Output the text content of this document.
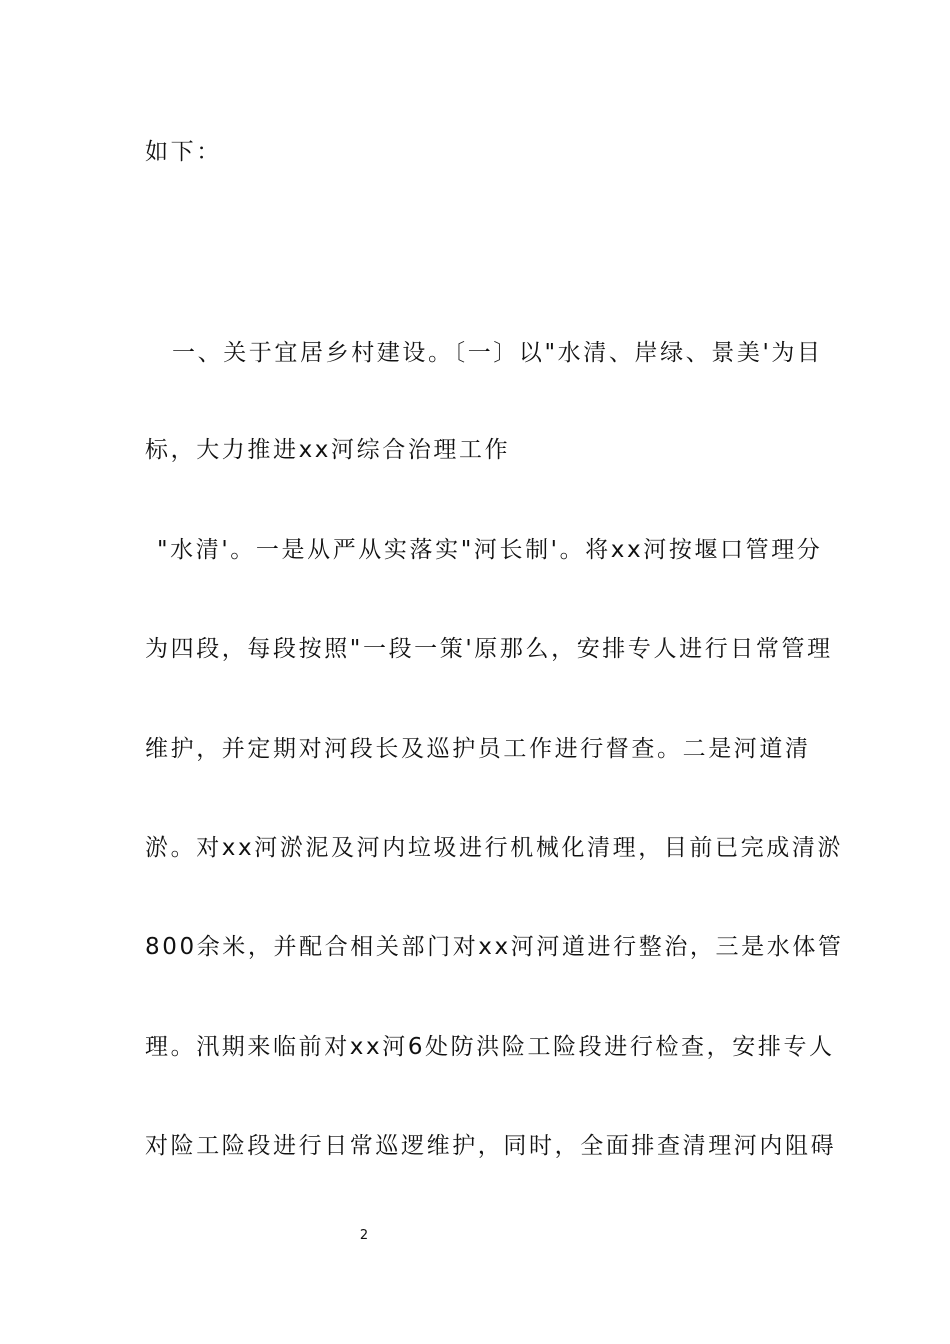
如下：
一、关于宜居乡村建设。〔一〕以"水清、岸绿、景美'为目
标，大力推进xx河综合治理工作
"水清'。一是从严从实落实"河长制'。将xx河按堰口管理分
为四段，每段按照"一段一策'原那么，安排专人进行日常管理
维护，并定期对河段长及巡护员工作进行督查。二是河道清
淤。对xx河淤泥及河内垃圾进行机械化清理，目前已完成清淤
800余米，并配合相关部门对xx河河道进行整治，三是水体管
理。汛期来临前对xx河6处防洪险工险段进行检查，安排专人
对险工险段进行日常巡逻维护，同时，全面排查清理河内阻碍
2
